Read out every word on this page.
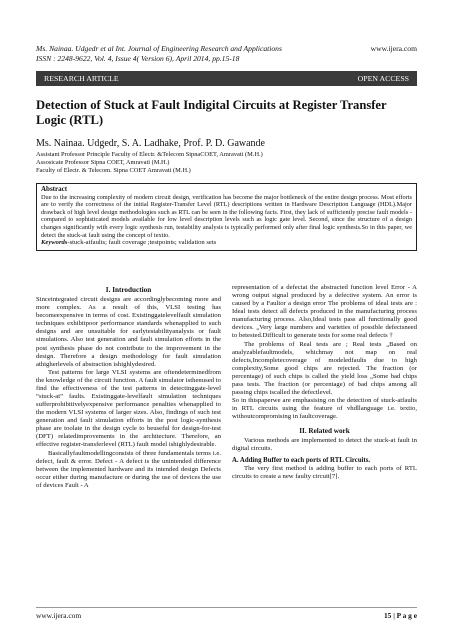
Ms. Nainaa. Udgedr et al Int. Journal of Engineering Research and Applications
ISSN : 2248-9622, Vol. 4, Issue 4( Version 6), April 2014, pp.15-18
www.ijera.com
RESEARCH ARTICLE	OPEN ACCESS
Detection of Stuck at Fault Indigital Circuits at Register Transfer Logic (RTL)
Ms. Nainaa. Udgedr, S. A. Ladhake, Prof. P. D. Gawande
Assistant Professor Principle Faculty of Electr. &Telecom SipnaCOET, Amravati (M.H.)
Assosicate Professor Sipna COET, Amravati (M.H.)
Faculty of Electr. & Telecom. Sipna COET Amravati (M.H.)
Abstract
Due to the increasing complexity of modern circuit design, verification has become the major bottleneck of the entire design process. Most efforts are to verify the correctness of the initial Register-Transfer Level (RTL) descriptions written in Hardware Description Language (HDL).Major drawback of high level design methodologies such as RTL can be seen in the following facts. First, they lack of sufficiently precise fault models - compared to sophisticated models available for low level description levels such as logic gate level. Second, since the structure of a design changes significantly with every logic synthesis run, testability analysis is typically performed only after final logic synthesis.So in this paper, we detect the stuck-at fault using the concept of textio.
Keywords-stuck-atfaults; fault coverage ;testpoints; validation sets
I. Introduction

Sinceintegrated circuit designs are accordinglybecoming more and more complex. As a result of this, VLSI testing has becomeexpensive in terms of cost. Existinggatelevelfault simulation techniques exhibitpoor performance standards whenapplied to such designs and are unsuitable for earlytestabilityanalysis or fault simulations. Also test generation and fault simulation efforts in the post synthesis phase do not contribute to the improvement in the design. Therefore a design methodology for fault simulation athigherlevels of abstraction ishighlydesired.

Test patterns for large VLSI systems are oftendeterminedfrom the knowledge of the circuit function. A fault simulator isthenused to find the effectiveness of the test patterns in detectinggate-level “stuck-at” faults. Existinggate-levelfault simulation techniques sufferprohibitivelyexpensive performance penalties whenapplied to the modern VLSI systems of larger sizes. Also, findings of such test generation and fault simulation efforts in the post logic-synthesis phase are toolate in the design cycle to beuseful for design-for-test (DFT) relatedimprovements in the architecture. Therefore, an effective register-transferlevel (RTL) fault model ishighlydesirable.

Basicallyfaultmodellingconsists of three fundamentals terms i.e. defect, fault & error. Defect - A defect is the unintended difference between the implemented hardware and its intended design Defects occur either during manufacture or during the use of devices the use of devices Fault - A

representation of a defectat the abstracted function level Error - A wrong output signal produced by a defective system. An error is caused by a Faultor a design error The problems of ideal tests are : Ideal tests detect all defects produced in the manufacturing process manufacturing process. Also,Ideal tests pass all functionally good devices. „Very large numbers and varieties of possible defectsneed to betested.Difficult to generate tests for some real defects †

The problems of Real tests are ; Real tests „Based on analyzablefaultmodels, whichmay not map on real defects,Incompletecoverage of modeledfaults due to high complexity,Some good chips are rejected. The fraction (or percentage) of such chips is called the yield loss „Some bad chips pass tests. The fraction (or percentage) of bad chips among all passing chips iscalled the defectlevel.

So in thispaperwe are emphasising on the detection of stuck-atfaults in RTL circuits using the feature of vhdllanguage i.e. textio, withoutcompromising in faultcoverage.

II. Related work

Various methods are implemented to detect the stuck-at fault in digital circuits.

A. Adding Buffer to each ports of RTL Circuits.

The very first method is adding buffer to each ports of RTL circuits to create a new faulty circuit[7].

www.ijera.com	15 | P a g e
